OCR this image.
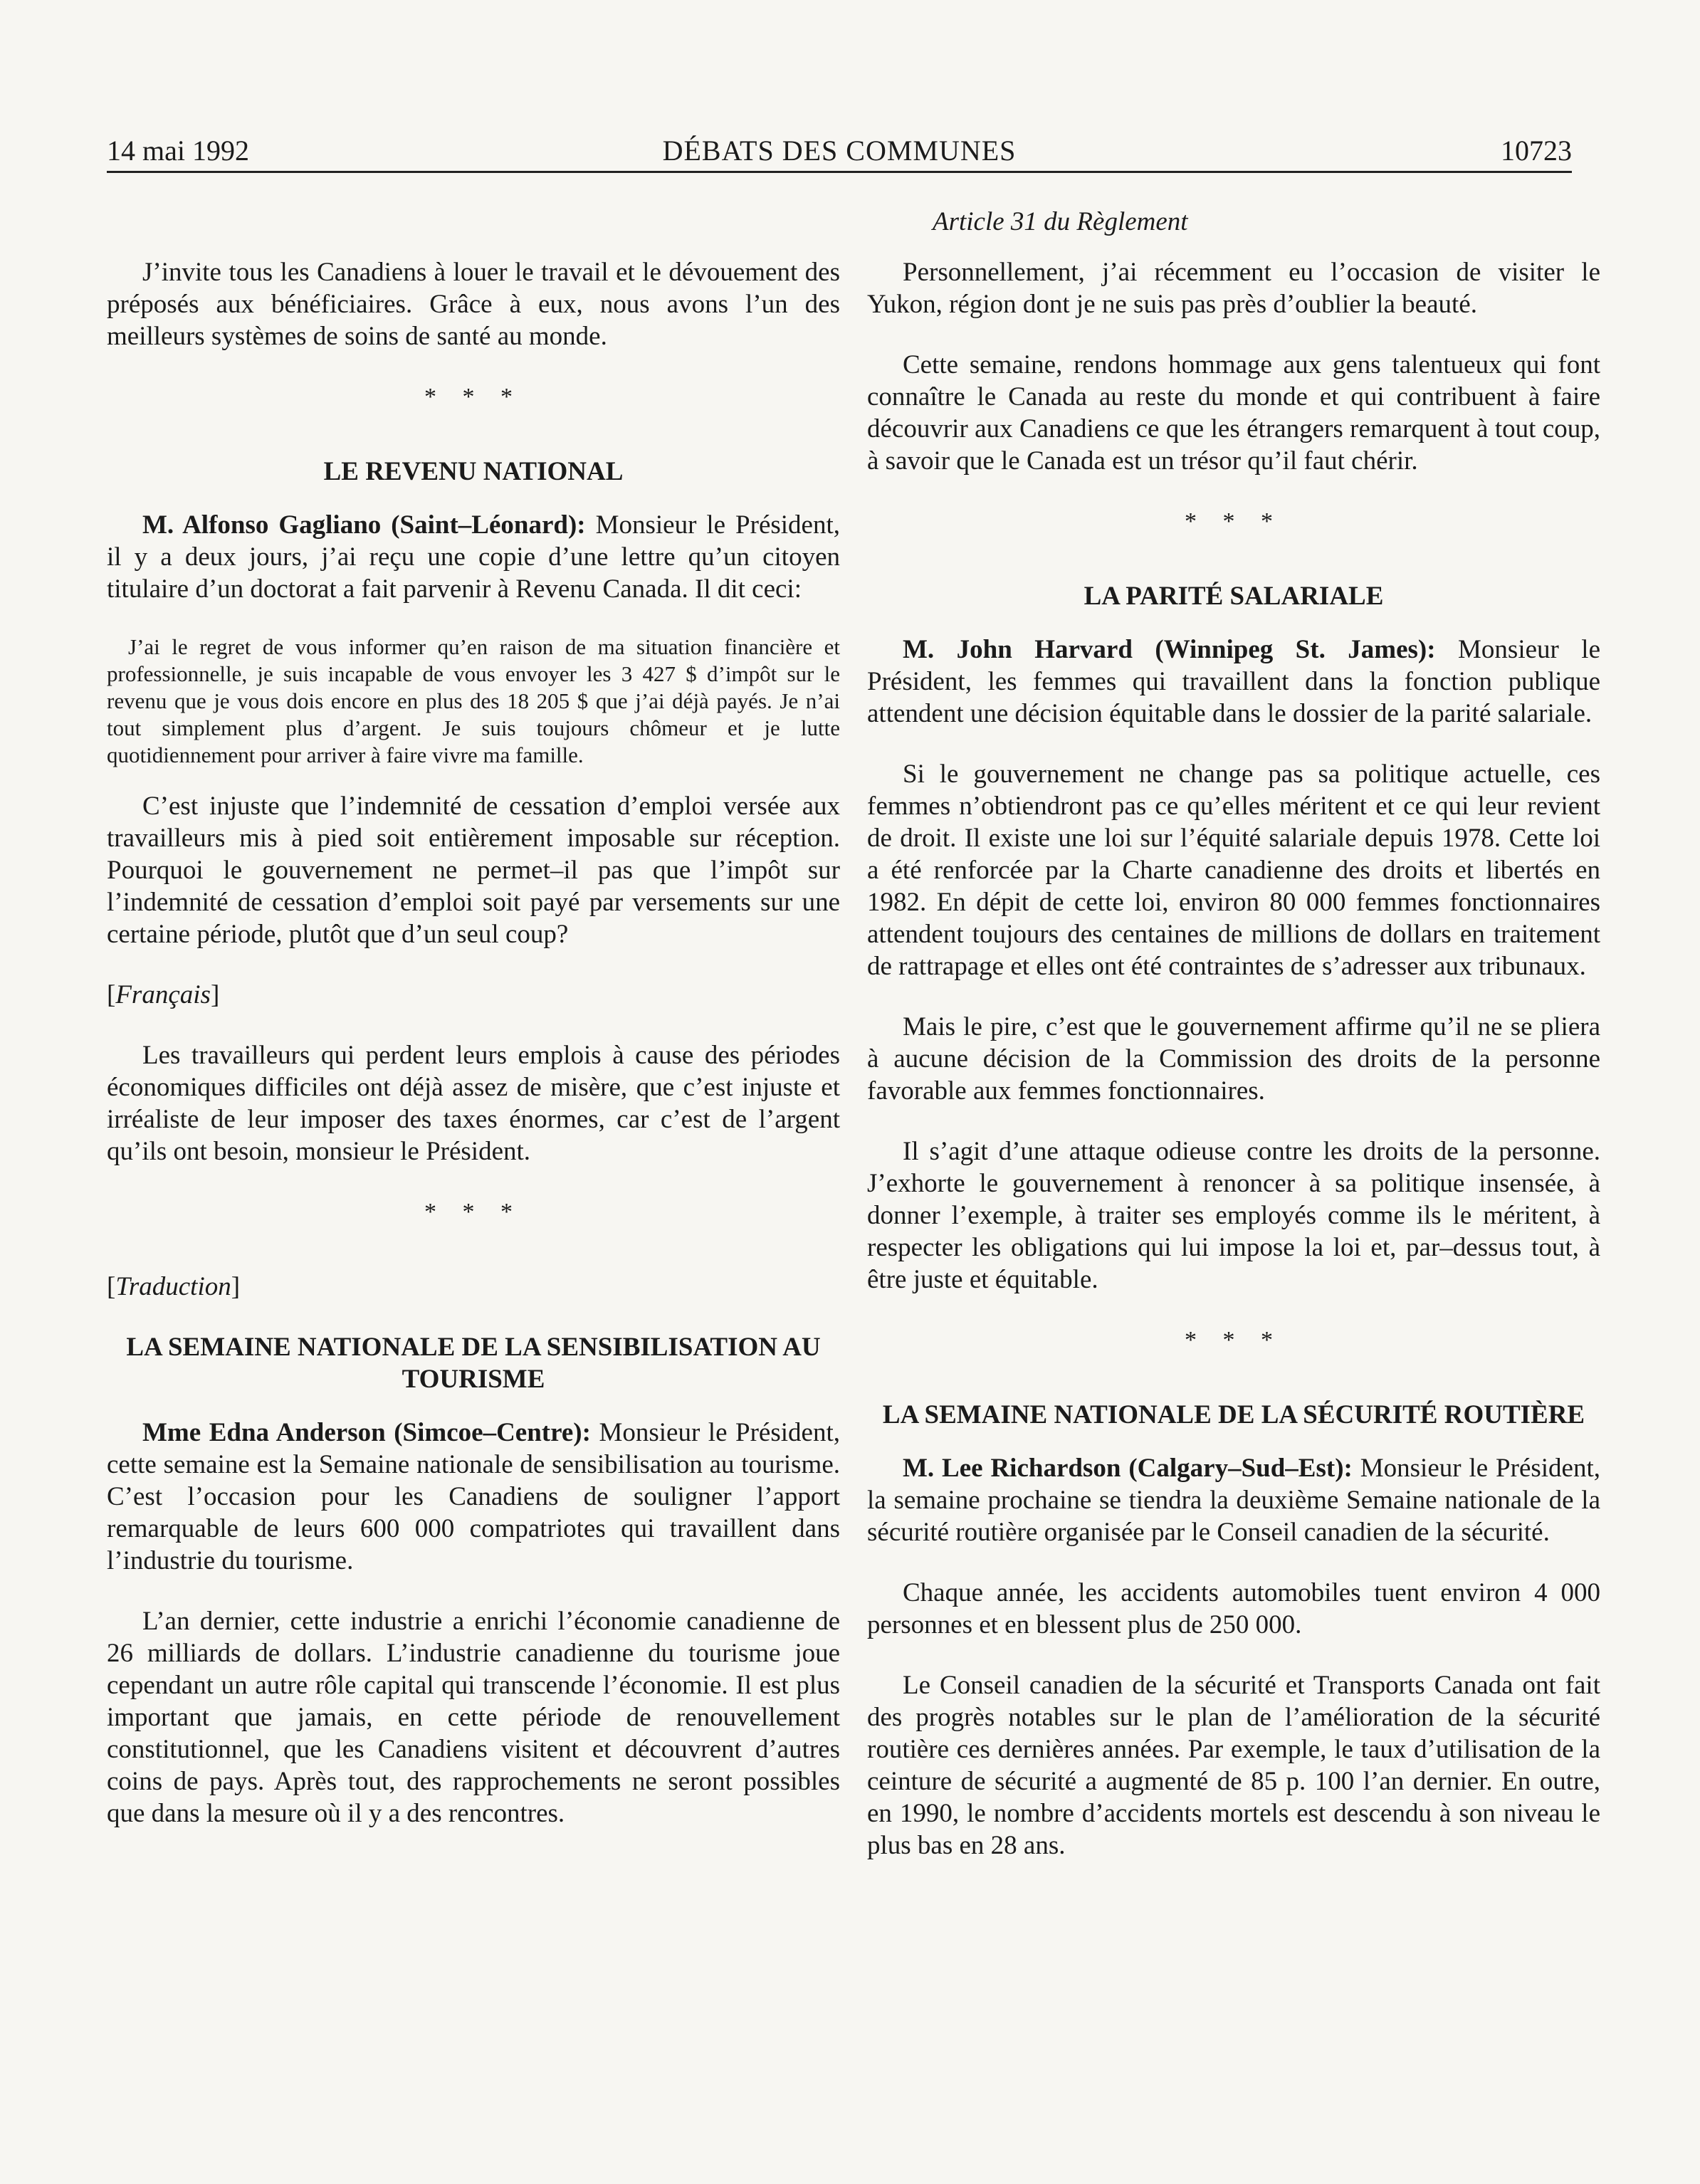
14 mai 1992	DÉBATS DES COMMUNES	10723
Article 31 du Règlement

J’invite tous les Canadiens à louer le travail et le dévouement des préposés aux bénéficiaires. Grâce à eux, nous avons l’un des meilleurs systèmes de soins de santé au monde.

* * *
LE REVENU NATIONAL

M. Alfonso Gagliano (Saint–Léonard): Monsieur le Président, il y a deux jours, j’ai reçu une copie d’une lettre qu’un citoyen titulaire d’un doctorat a fait parvenir à Revenu Canada. Il dit ceci:

J’ai le regret de vous informer qu’en raison de ma situation financière et professionnelle, je suis incapable de vous envoyer les 3 427 $ d’impôt sur le revenu que je vous dois encore en plus des 18 205 $ que j’ai déjà payés. Je n’ai tout simplement plus d’argent. Je suis toujours chômeur et je lutte quotidiennement pour arriver à faire vivre ma famille.

C’est injuste que l’indemnité de cessation d’emploi versée aux travailleurs mis à pied soit entièrement imposable sur réception. Pourquoi le gouvernement ne permet–il pas que l’impôt sur l’indemnité de cessation d’emploi soit payé par versements sur une certaine période, plutôt que d’un seul coup?

[Français]

Les travailleurs qui perdent leurs emplois à cause des périodes économiques difficiles ont déjà assez de misère, que c’est injuste et irréaliste de leur imposer des taxes énormes, car c’est de l’argent qu’ils ont besoin, monsieur le Président.

* * *
[Traduction]
LA SEMAINE NATIONALE DE LA SENSIBILISATION AU TOURISME

Mme Edna Anderson (Simcoe–Centre): Monsieur le Président, cette semaine est la Semaine nationale de sensibilisation au tourisme. C’est l’occasion pour les Canadiens de souligner l’apport remarquable de leurs 600 000 compatriotes qui travaillent dans l’industrie du tourisme.

L’an dernier, cette industrie a enrichi l’économie canadienne de 26 milliards de dollars. L’industrie canadienne du tourisme joue cependant un autre rôle capital qui transcende l’économie. Il est plus important que jamais, en cette période de renouvellement constitutionnel, que les Canadiens visitent et découvrent d’autres coins de pays. Après tout, des rapprochements ne seront possibles que dans la mesure où il y a des rencontres.

Personnellement, j’ai récemment eu l’occasion de visiter le Yukon, région dont je ne suis pas près d’oublier la beauté.

Cette semaine, rendons hommage aux gens talentueux qui font connaître le Canada au reste du monde et qui contribuent à faire découvrir aux Canadiens ce que les étrangers remarquent à tout coup, à savoir que le Canada est un trésor qu’il faut chérir.

* * *
LA PARITÉ SALARIALE

M. John Harvard (Winnipeg St. James): Monsieur le Président, les femmes qui travaillent dans la fonction publique attendent une décision équitable dans le dossier de la parité salariale.

Si le gouvernement ne change pas sa politique actuelle, ces femmes n’obtiendront pas ce qu’elles méritent et ce qui leur revient de droit. Il existe une loi sur l’équité salariale depuis 1978. Cette loi a été renforcée par la Charte canadienne des droits et libertés en 1982. En dépit de cette loi, environ 80 000 femmes fonctionnaires attendent toujours des centaines de millions de dollars en traitement de rattrapage et elles ont été contraintes de s’adresser aux tribunaux.

Mais le pire, c’est que le gouvernement affirme qu’il ne se pliera à aucune décision de la Commission des droits de la personne favorable aux femmes fonctionnaires.

Il s’agit d’une attaque odieuse contre les droits de la personne. J’exhorte le gouvernement à renoncer à sa politique insensée, à donner l’exemple, à traiter ses employés comme ils le méritent, à respecter les obligations qui lui impose la loi et, par–dessus tout, à être juste et équitable.

* * *
LA SEMAINE NATIONALE DE LA SÉCURITÉ ROUTIÈRE

M. Lee Richardson (Calgary–Sud–Est): Monsieur le Président, la semaine prochaine se tiendra la deuxième Semaine nationale de la sécurité routière organisée par le Conseil canadien de la sécurité.

Chaque année, les accidents automobiles tuent environ 4 000 personnes et en blessent plus de 250 000.

Le Conseil canadien de la sécurité et Transports Canada ont fait des progrès notables sur le plan de l’amélioration de la sécurité routière ces dernières années. Par exemple, le taux d’utilisation de la ceinture de sécurité a augmenté de 85 p. 100 l’an dernier. En outre, en 1990, le nombre d’accidents mortels est descendu à son niveau le plus bas en 28 ans.
